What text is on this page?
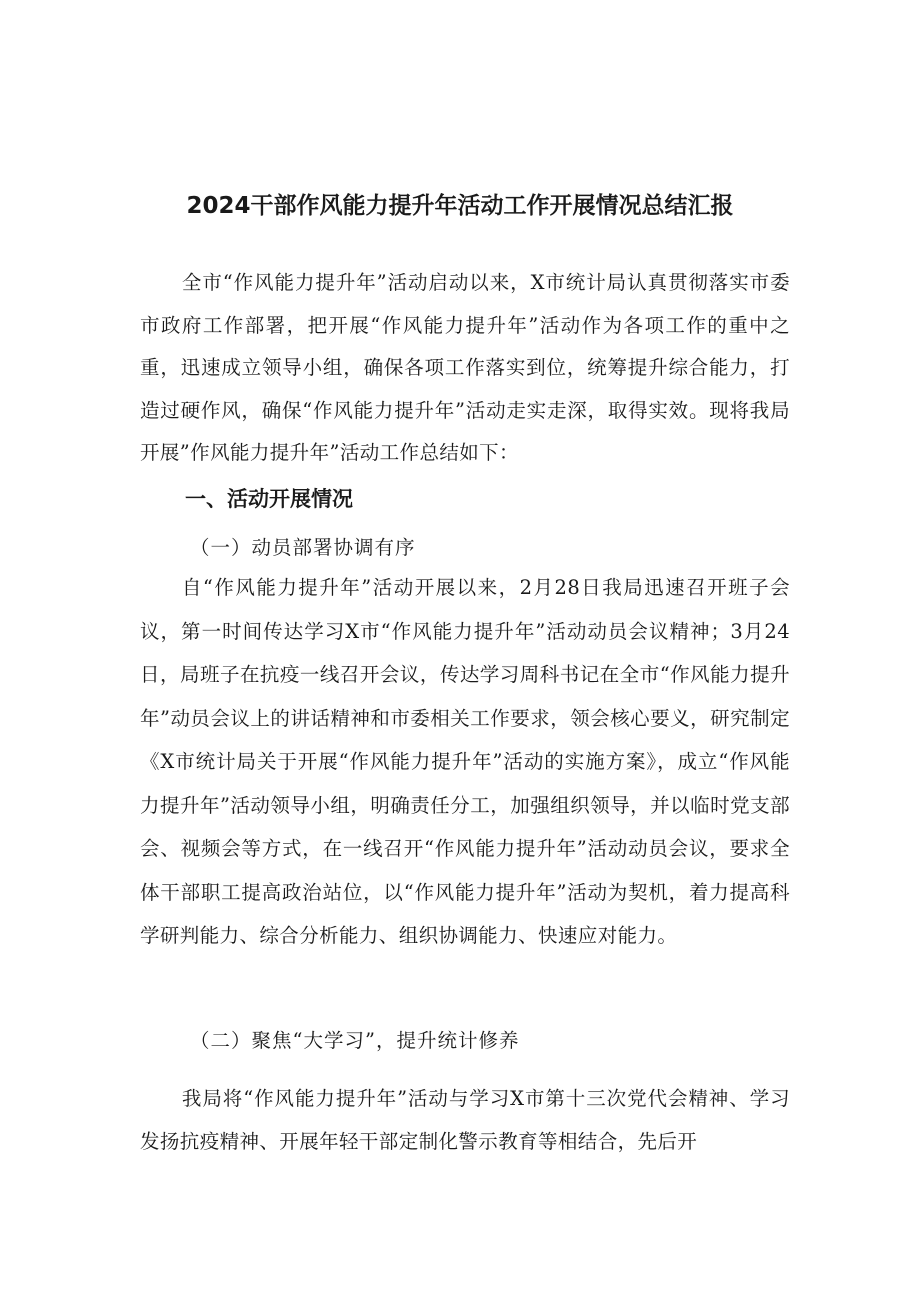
2024干部作风能力提升年活动工作开展情况总结汇报

全市“作风能力提升年”活动启动以来，X市统计局认真贯彻落实市委市政府工作部署，把开展“作风能力提升年”活动作为各项工作的重中之重，迅速成立领导小组，确保各项工作落实到位，统筹提升综合能力，打造过硬作风，确保“作风能力提升年”活动走实走深，取得实效。现将我局开展”作风能力提升年”活动工作总结如下：

一、活动开展情况

（一）动员部署协调有序

自“作风能力提升年”活动开展以来，2月28日我局迅速召开班子会议，第一时间传达学习X市“作风能力提升年”活动动员会议精神；3月24日，局班子在抗疫一线召开会议，传达学习周科书记在全市“作风能力提升年”动员会议上的讲话精神和市委相关工作要求，领会核心要义，研究制定《X市统计局关于开展“作风能力提升年”活动的实施方案》，成立“作风能力提升年”活动领导小组，明确责任分工，加强组织领导，并以临时党支部会、视频会等方式，在一线召开“作风能力提升年”活动动员会议，要求全体干部职工提高政治站位，以“作风能力提升年”活动为契机，着力提高科学研判能力、综合分析能力、组织协调能力、快速应对能力。

（二）聚焦“大学习”，提升统计修养

我局将“作风能力提升年”活动与学习X市第十三次党代会精神、学习发扬抗疫精神、开展年轻干部定制化警示教育等相结合，先后开
